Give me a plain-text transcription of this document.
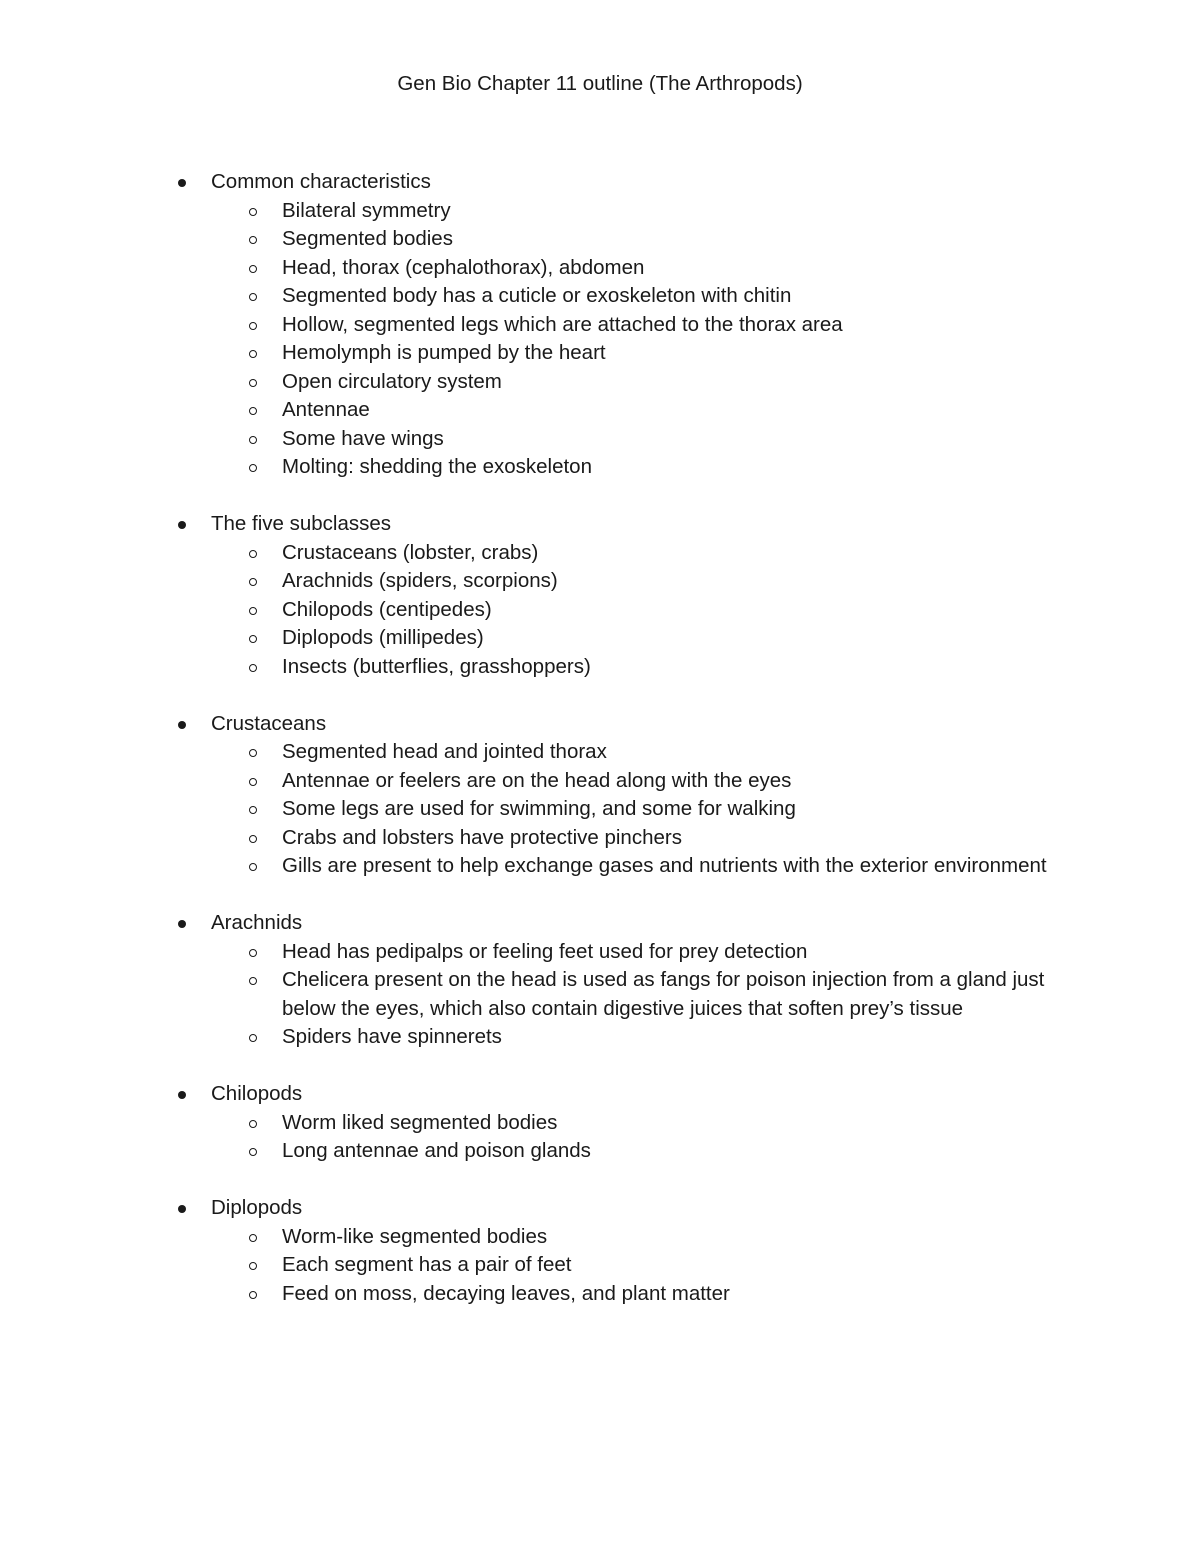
Gen Bio Chapter 11 outline (The Arthropods)
Common characteristics
Bilateral symmetry
Segmented bodies
Head, thorax (cephalothorax), abdomen
Segmented body has a cuticle or exoskeleton with chitin
Hollow, segmented legs which are attached to the thorax area
Hemolymph is pumped by the heart
Open circulatory system
Antennae
Some have wings
Molting: shedding the exoskeleton
The five subclasses
Crustaceans (lobster, crabs)
Arachnids (spiders, scorpions)
Chilopods (centipedes)
Diplopods (millipedes)
Insects (butterflies, grasshoppers)
Crustaceans
Segmented head and jointed thorax
Antennae or feelers are on the head along with the eyes
Some legs are used for swimming, and some for walking
Crabs and lobsters have protective pinchers
Gills are present to help exchange gases and nutrients with the exterior environment
Arachnids
Head has pedipalps or feeling feet used for prey detection
Chelicera present on the head is used as fangs for poison injection from a gland just below the eyes, which also contain digestive juices that soften prey’s tissue
Spiders have spinnerets
Chilopods
Worm liked segmented bodies
Long antennae and poison glands
Diplopods
Worm-like segmented bodies
Each segment has a pair of feet
Feed on moss, decaying leaves, and plant matter
